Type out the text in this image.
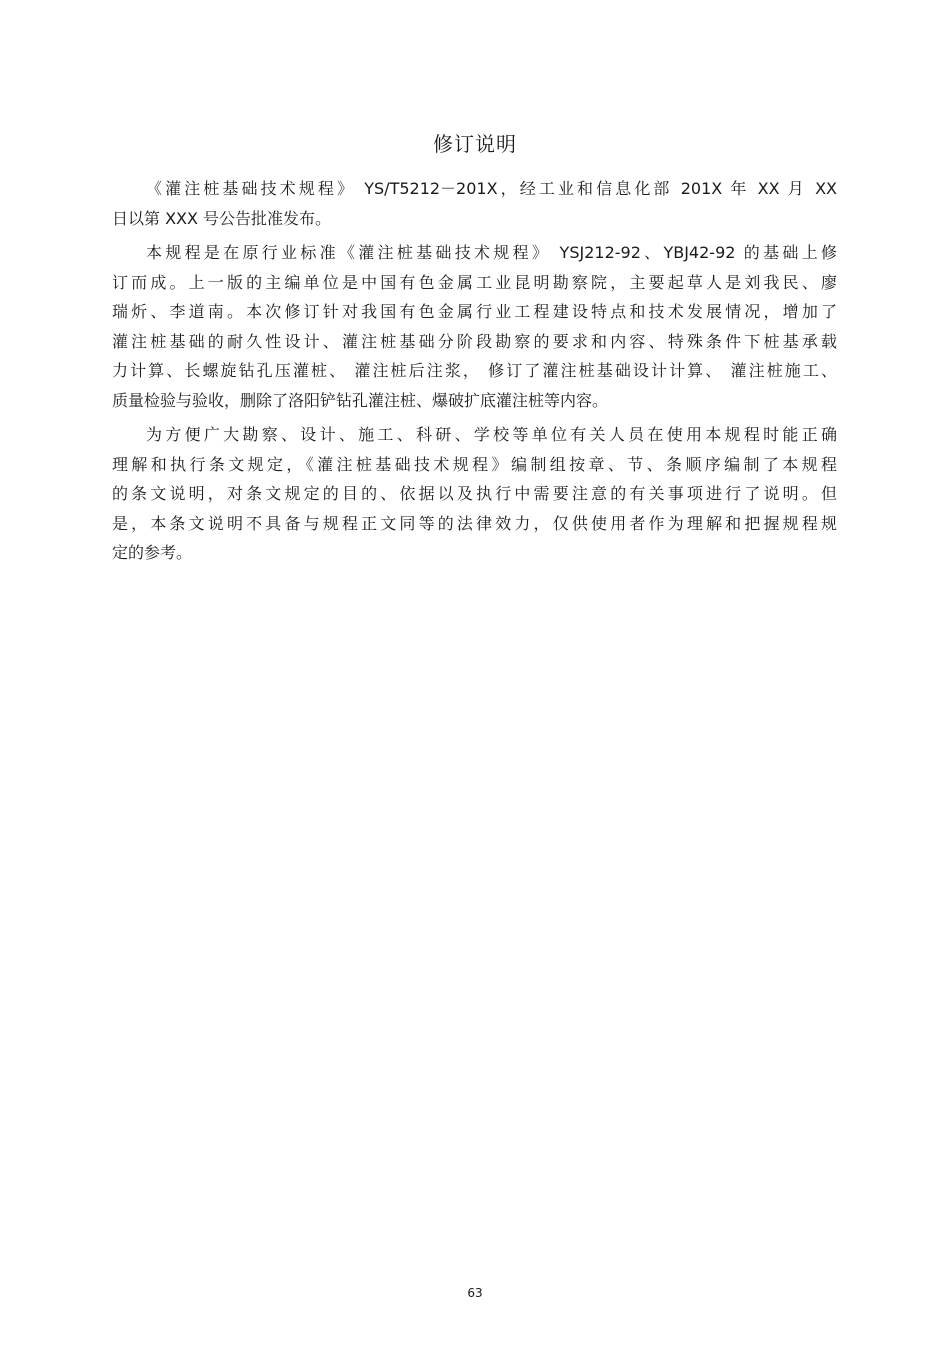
修订说明
《灌注桩基础技术规程》 YS/T5212－201X，经工业和信息化部 201X 年 XX 月 XX
日以第 XXX 号公告批准发布。
本规程是在原行业标准《灌注桩基础技术规程》 YSJ212-92、YBJ42-92 的基础上修
订而成。上一版的主编单位是中国有色金属工业昆明勘察院，主要起草人是刘我民、廖
瑞炘、李道南。本次修订针对我国有色金属行业工程建设特点和技术发展情况，增加了
灌注桩基础的耐久性设计、灌注桩基础分阶段勘察的要求和内容、特殊条件下桩基承载
力计算、长螺旋钻孔压灌桩、 灌注桩后注浆， 修订了灌注桩基础设计计算、 灌注桩施工、
质量检验与验收，删除了洛阳铲钻孔灌注桩、爆破扩底灌注桩等内容。
为方便广大勘察、设计、施工、科研、学校等单位有关人员在使用本规程时能正确
理解和执行条文规定，《灌注桩基础技术规程》编制组按章、节、条顺序编制了本规程
的条文说明，对条文规定的目的、依据以及执行中需要注意的有关事项进行了说明。但
是，本条文说明不具备与规程正文同等的法律效力，仅供使用者作为理解和把握规程规
定的参考。
63
